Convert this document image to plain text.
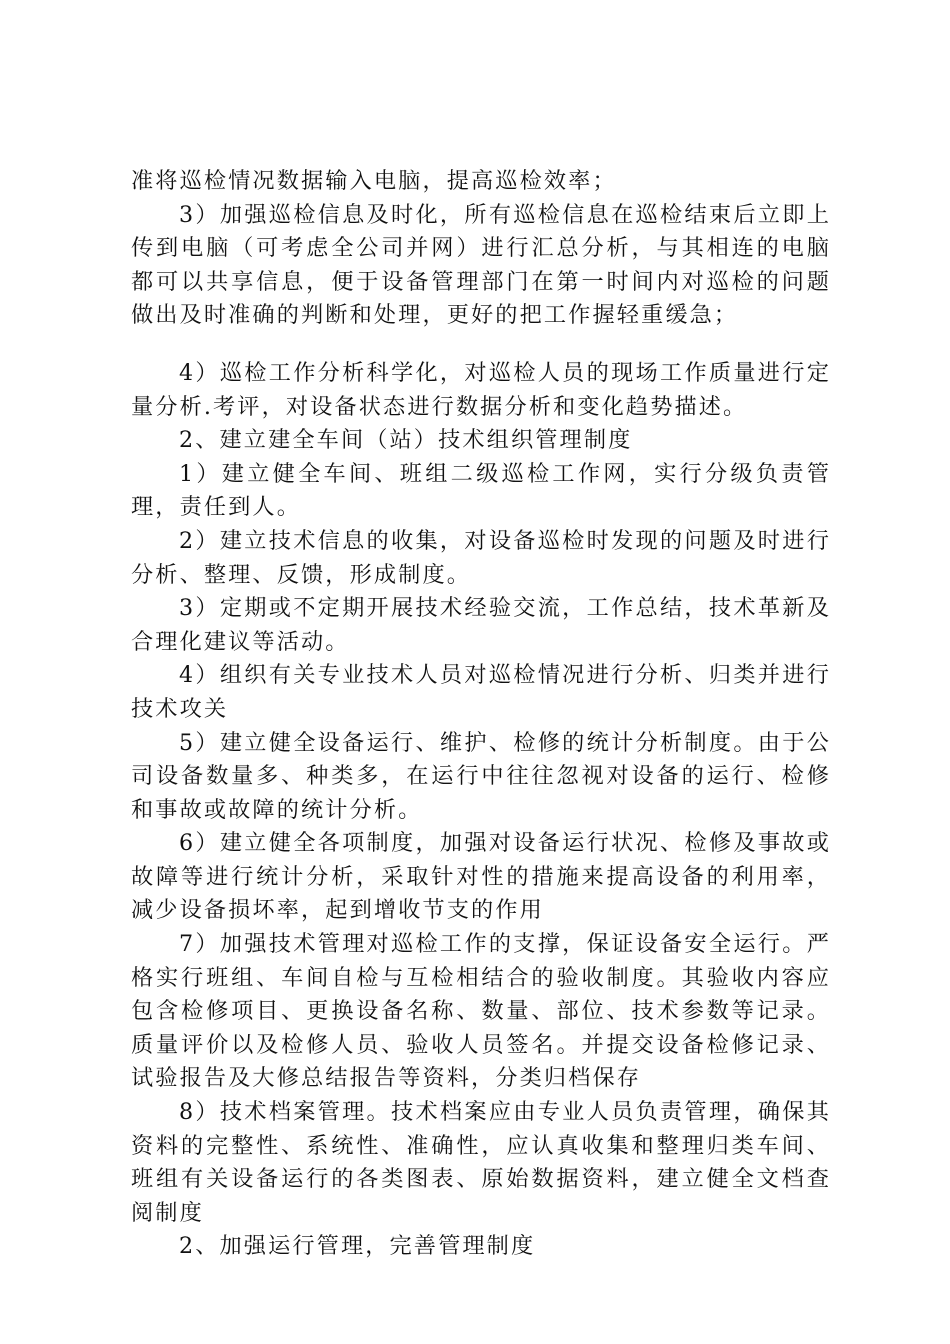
准将巡检情况数据输入电脑，提高巡检效率；

3）加强巡检信息及时化，所有巡检信息在巡检结束后立即上传到电脑（可考虑全公司并网）进行汇总分析，与其相连的电脑都可以共享信息，便于设备管理部门在第一时间内对巡检的问题做出及时准确的判断和处理，更好的把工作握轻重缓急；

4）巡检工作分析科学化，对巡检人员的现场工作质量进行定量分析.考评，对设备状态进行数据分析和变化趋势描述。

2、建立建全车间（站）技术组织管理制度

1）建立健全车间、班组二级巡检工作网，实行分级负责管理，责任到人。

2）建立技术信息的收集，对设备巡检时发现的问题及时进行分析、整理、反馈，形成制度。

3）定期或不定期开展技术经验交流，工作总结，技术革新及合理化建议等活动。

4）组织有关专业技术人员对巡检情况进行分析、归类并进行技术攻关

5）建立健全设备运行、维护、检修的统计分析制度。由于公司设备数量多、种类多，在运行中往往忽视对设备的运行、检修和事故或故障的统计分析。

6）建立健全各项制度，加强对设备运行状况、检修及事故或故障等进行统计分析，采取针对性的措施来提高设备的利用率，减少设备损坏率，起到增收节支的作用

7）加强技术管理对巡检工作的支撑，保证设备安全运行。严格实行班组、车间自检与互检相结合的验收制度。其验收内容应包含检修项目、更换设备名称、数量、部位、技术参数等记录。质量评价以及检修人员、验收人员签名。并提交设备检修记录、试验报告及大修总结报告等资料，分类归档保存

8）技术档案管理。技术档案应由专业人员负责管理，确保其资料的完整性、系统性、准确性，应认真收集和整理归类车间、班组有关设备运行的各类图表、原始数据资料，建立健全文档查阅制度

2、加强运行管理，完善管理制度
